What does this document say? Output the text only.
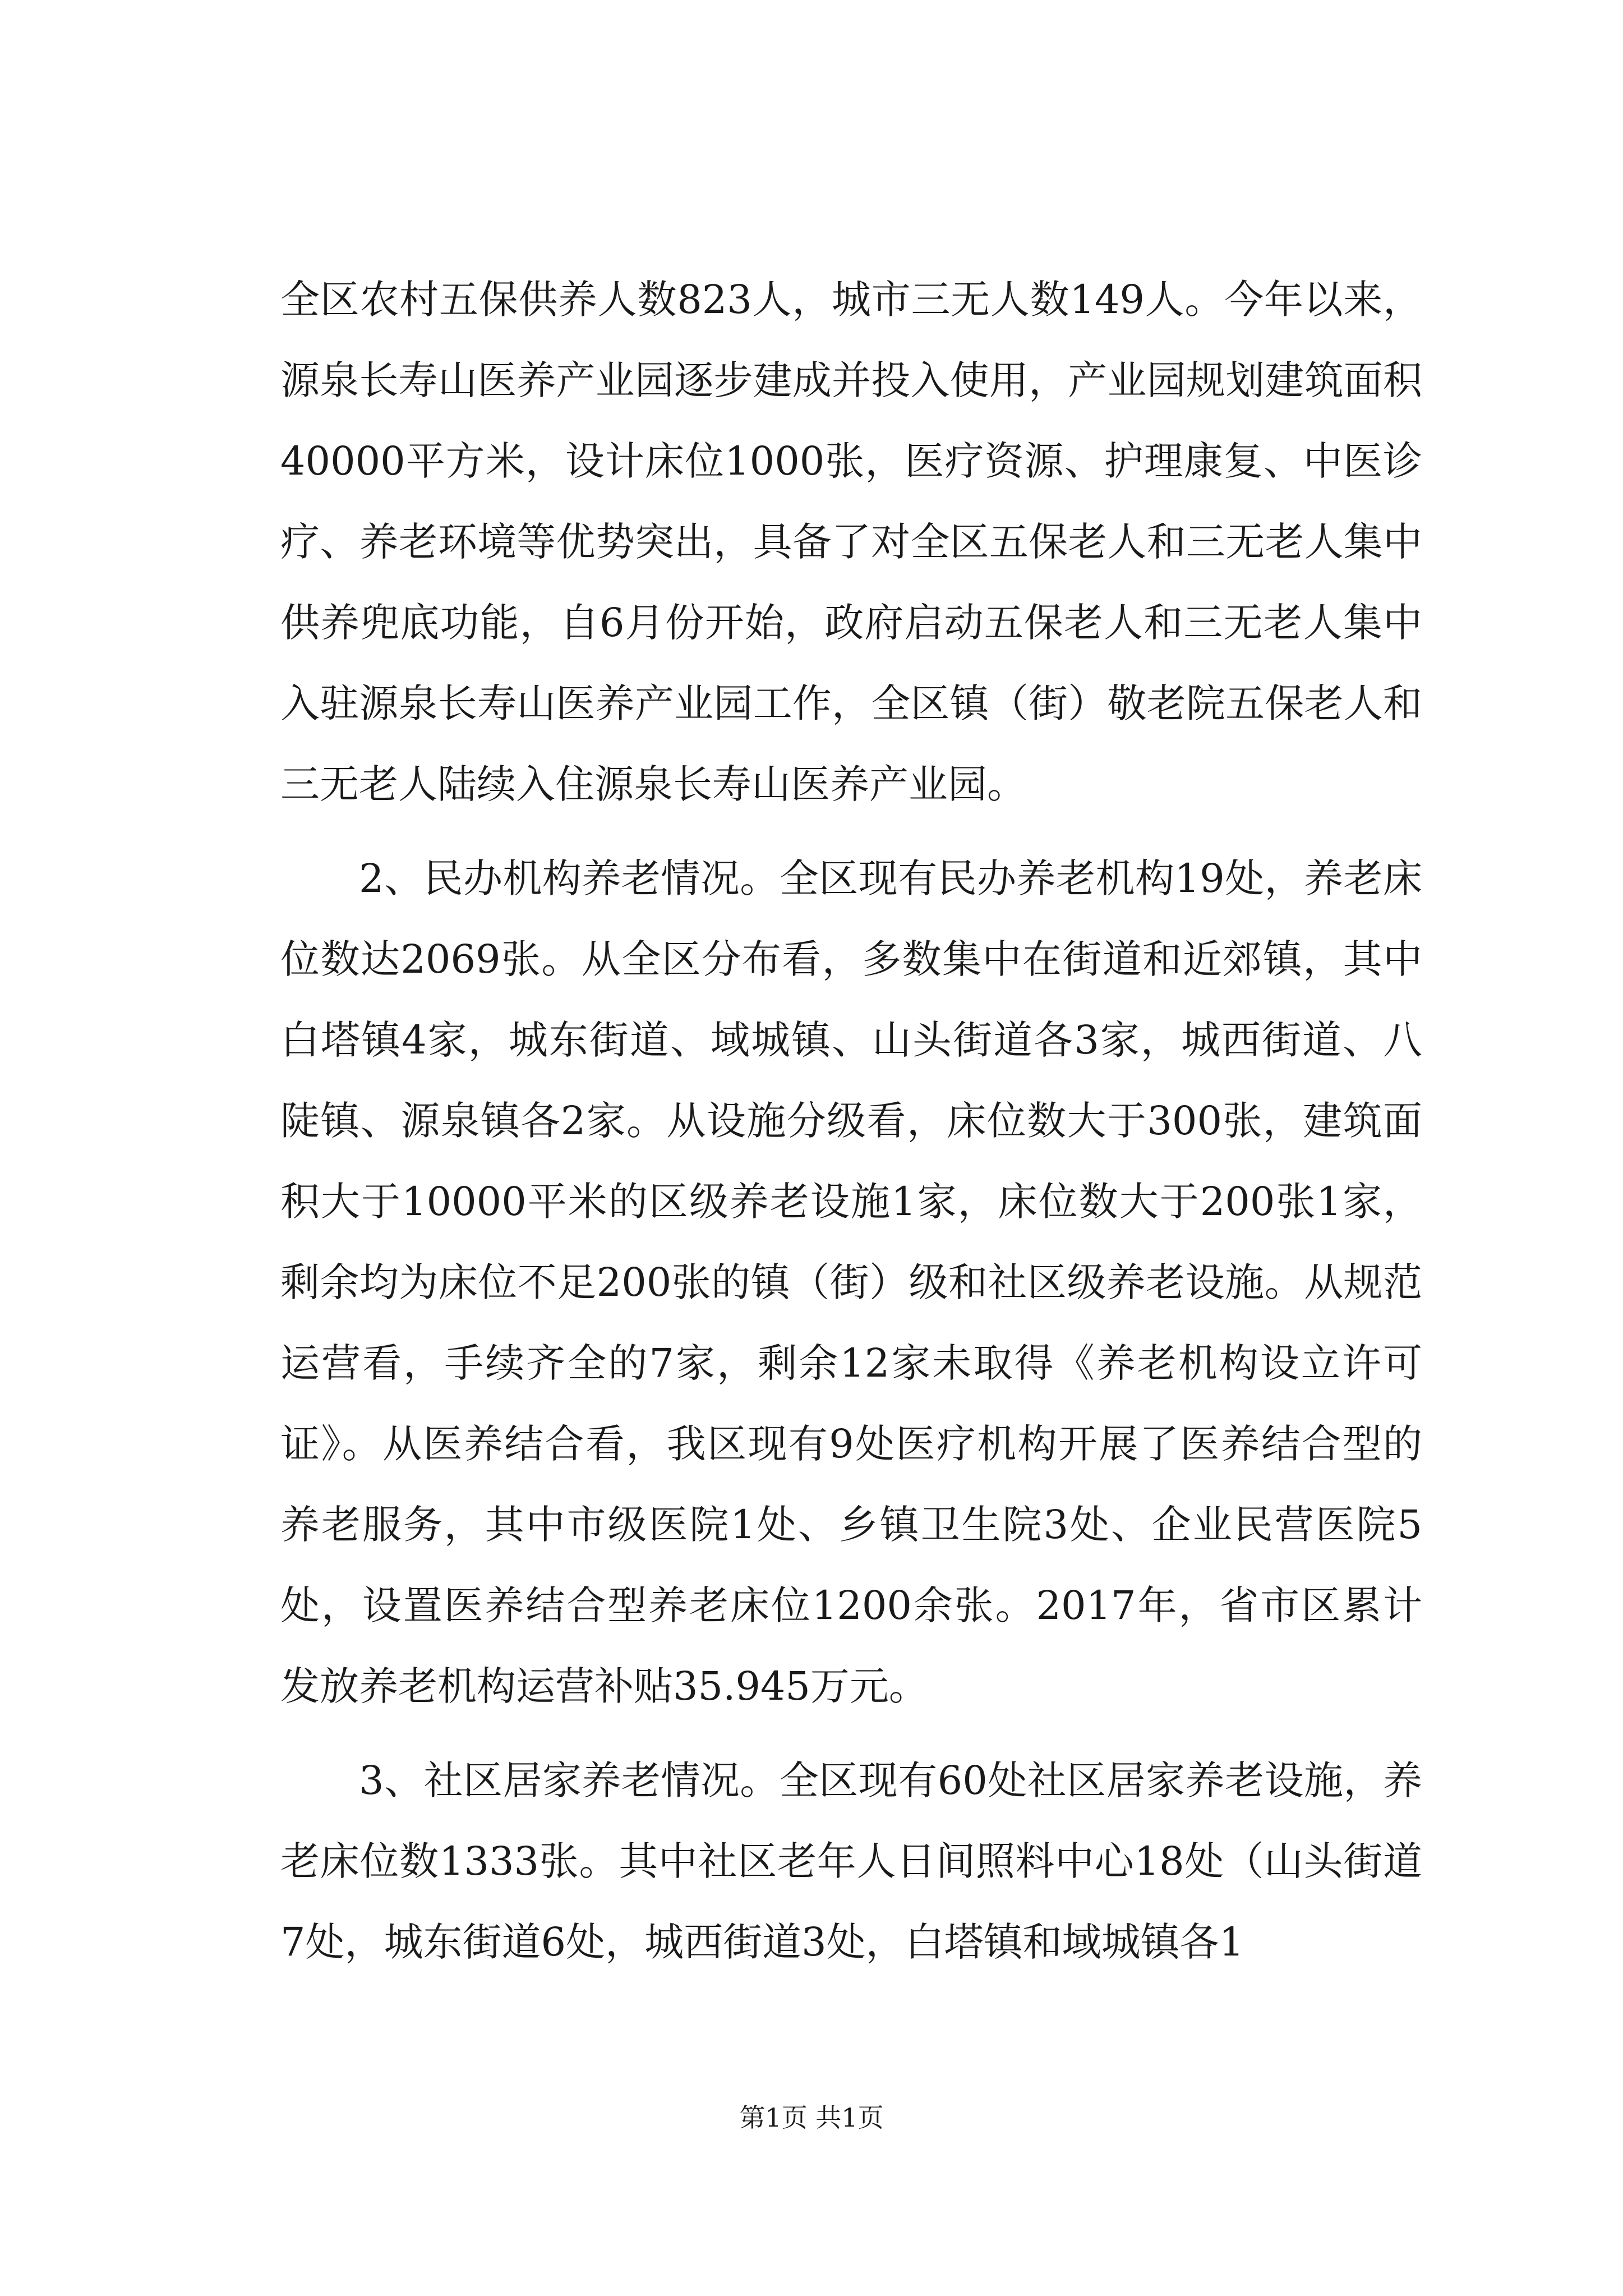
全区农村五保供养人数823人，城市三无人数149人。今年以来，源泉长寿山医养产业园逐步建成并投入使用，产业园规划建筑面积40000平方米，设计床位1000张，医疗资源、护理康复、中医诊疗、养老环境等优势突出，具备了对全区五保老人和三无老人集中供养兜底功能，自6月份开始，政府启动五保老人和三无老人集中入驻源泉长寿山医养产业园工作，全区镇（街）敬老院五保老人和三无老人陆续入住源泉长寿山医养产业园。

2、民办机构养老情况。全区现有民办养老机构19处，养老床位数达2069张。从全区分布看，多数集中在街道和近郊镇，其中白塔镇4家，城东街道、域城镇、山头街道各3家，城西街道、八陡镇、源泉镇各2家。从设施分级看，床位数大于300张，建筑面积大于10000平米的区级养老设施1家，床位数大于200张1家，剩余均为床位不足200张的镇（街）级和社区级养老设施。从规范运营看，手续齐全的7家，剩余12家未取得《养老机构设立许可证》。从医养结合看，我区现有9处医疗机构开展了医养结合型的养老服务，其中市级医院1处、乡镇卫生院3处、企业民营医院5处，设置医养结合型养老床位1200余张。2017年，省市区累计发放养老机构运营补贴35.945万元。

3、社区居家养老情况。全区现有60处社区居家养老设施，养老床位数1333张。其中社区老年人日间照料中心18处（山头街道7处，城东街道6处，城西街道3处，白塔镇和域城镇各1

第1页 共1页
